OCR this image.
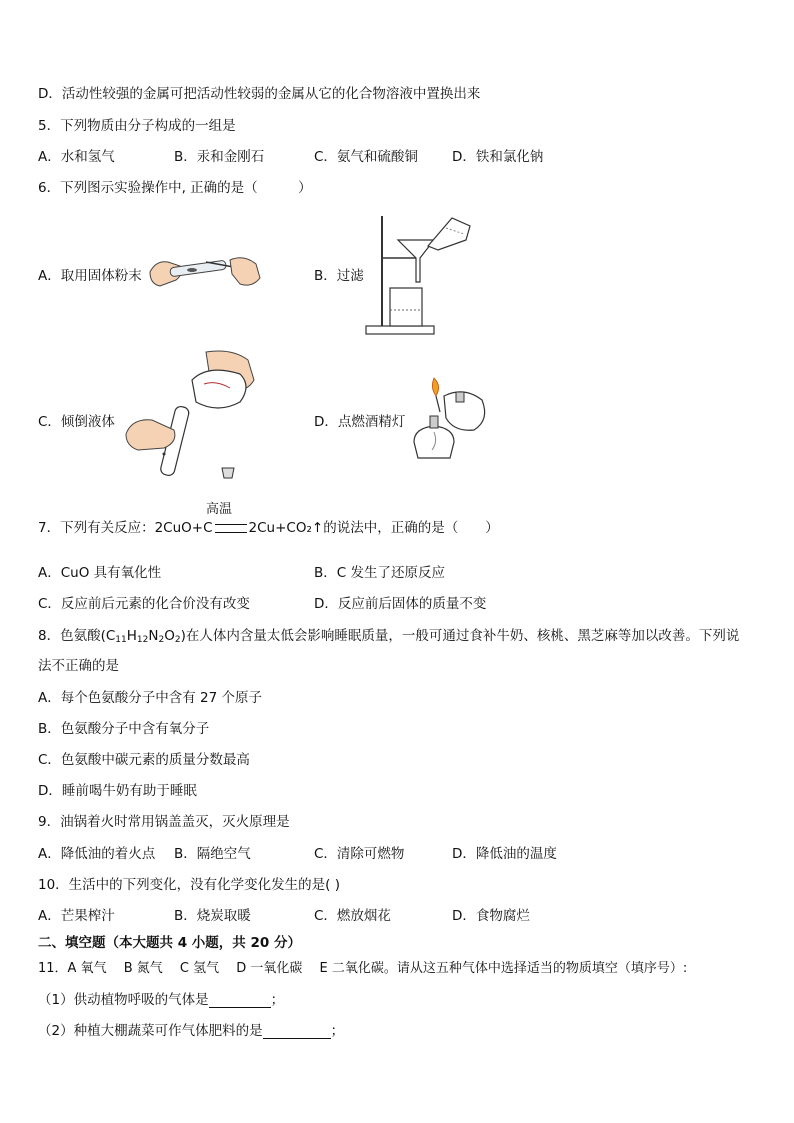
D．活动性较强的金属可把活动性较弱的金属从它的化合物溶液中置换出来
5．下列物质由分子构成的一组是
A．水和氢气	B．汞和金刚石	C．氨气和硫酸铜	D．铁和氯化钠
6．下列图示实验操作中, 正确的是（　　　）
A．取用固体粉末	B．过滤
C．倾倒液体	D．点燃酒精灯
高温
7．下列有关反应：2CuO+C	2Cu+CO₂↑的说法中，正确的是（　　）
A．CuO 具有氧化性	B．C 发生了还原反应
C．反应前后元素的化合价没有改变	D．反应前后固体的质量不变
8．色氨酸$(C_{11}H_{12}N_2O_2)$在人体内含量太低会影响睡眠质量，一般可通过食补牛奶、核桃、黑芝麻等加以改善。下列说
法不正确的是
A．每个色氨酸分子中含有 27 个原子
B．色氨酸分子中含有氧分子
C．色氨酸中碳元素的质量分数最高
D．睡前喝牛奶有助于睡眠
9．油锅着火时常用锅盖盖灭，灭火原理是
A．降低油的着火点 B．隔绝空气	C．清除可燃物	D．降低油的温度
10．生活中的下列变化，没有化学变化发生的是( )
A．芒果榨汁	B．烧炭取暖	C．燃放烟花	D．食物腐烂
二、填空题（本大题共 4 小题，共 20 分）
11．A 氧气　 B 氮气　 C 氢气　 D 一氧化碳　 E 二氧化碳。请从这五种气体中选择适当的物质填空（填序号）:
（1）供动植物呼吸的气体是	；
（2）种植大棚蔬菜可作气体肥料的是	；
